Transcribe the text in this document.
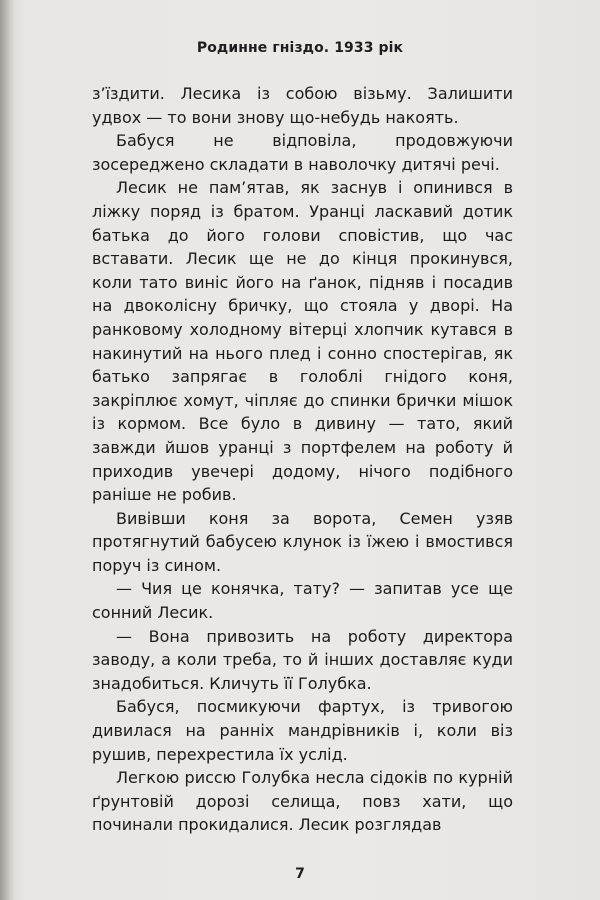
Родинне гніздо. 1933 рік

з’їздити. Лесика із собою візьму. Залишити удвох — то вони знову що-небудь накоять.

Бабуся не відповіла, продовжуючи зосереджено складати в наволочку дитячі речі.

Лесик не пам’ятав, як заснув і опинився в ліжку поряд із братом. Уранці ласкавий дотик батька до його голови сповістив, що час вставати. Лесик ще не до кінця прокинувся, коли тато виніс його на ґанок, підняв і посадив на двоколісну бричку, що стояла у дворі. На ранковому холодному вітерці хлопчик кутався в накинутий на нього плед і сонно спостерігав, як батько запрягає в голоблі гнідого коня, закріплює хомут, чіпляє до спинки брички мішок із кормом. Все було в дивину — тато, який завжди йшов уранці з портфелем на роботу й приходив увечері додому, нічого подібного раніше не робив.

Вивівши коня за ворота, Семен узяв протягнутий бабусею клунок із їжею і вмостився поруч із сином.

— Чия це конячка, тату? — запитав усе ще сонний Лесик.

— Вона привозить на роботу директора заводу, а коли треба, то й інших доставляє куди знадобиться. Кличуть її Голубка.

Бабуся, посмикуючи фартух, із тривогою дивилася на ранніх мандрівників і, коли віз рушив, перехрестила їх услід.

Легкою риссю Голубка несла сідоків по курній ґрунтовій дорозі селища, повз хати, що починали прокидалися. Лесик розглядав

7
